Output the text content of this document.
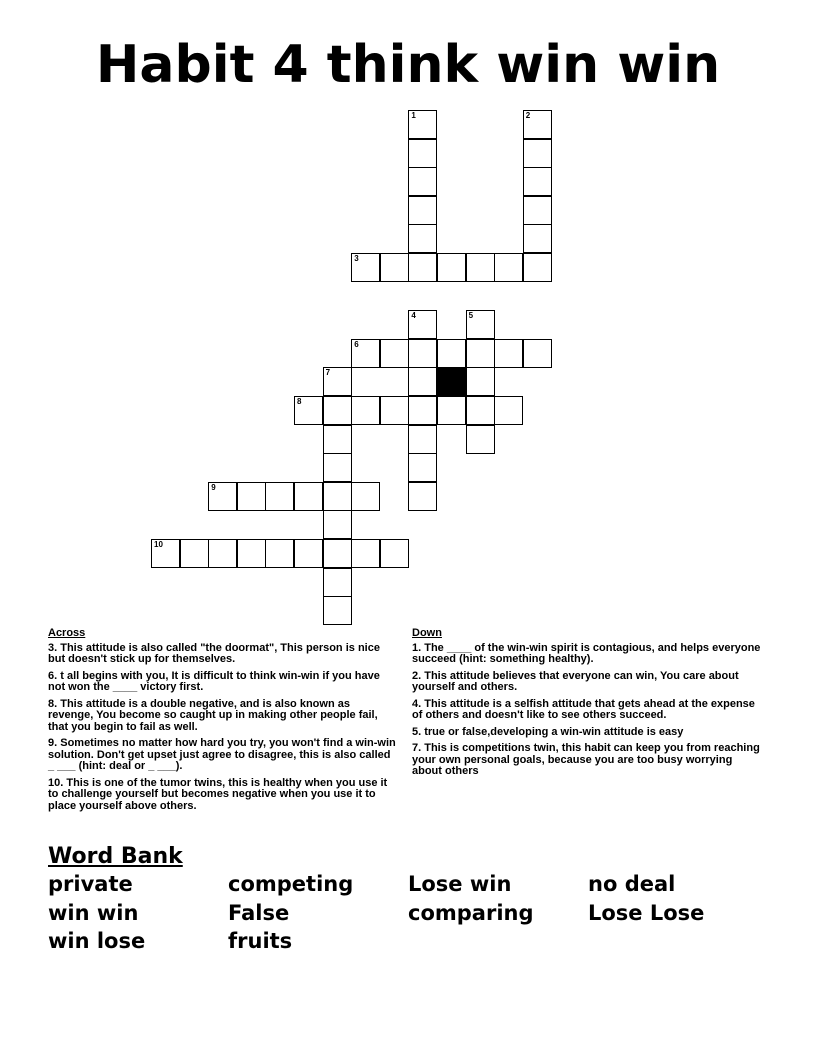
Habit 4 think win win
1	2
3
4	5
6
7
8
9
10
Across
3. This attitude is also called "the doormat", This person is nice but doesn't stick up for themselves.
6. t all begins with you, It is difficult to think win-win if you have not won the ____ victory first.
8. This attitude is a double negative, and is also known as revenge, You become so caught up in making other people fail, that you begin to fail as well.
9. Sometimes no matter how hard you try, you won't find a win-win solution. Don't get upset just agree to disagree, this is also called _ ___ (hint: deal or _ ___).
10. This is one of the tumor twins, this is healthy when you use it to challenge yourself but becomes negative when you use it to place yourself above others.
Down
1. The ____ of the win-win spirit is contagious, and helps everyone succeed (hint: something healthy).
2. This attitude believes that everyone can win, You care about yourself and others.
4. This attitude is a selfish attitude that gets ahead at the expense of others and doesn't like to see others succeed.
5. true or false,developing a win-win attitude is easy
7. This is competitions twin, this habit can keep you from reaching your own personal goals, because you are too busy worrying about others
Word Bank
private	competing	Lose win	no deal
win win	False	comparing	Lose Lose
win lose	fruits
